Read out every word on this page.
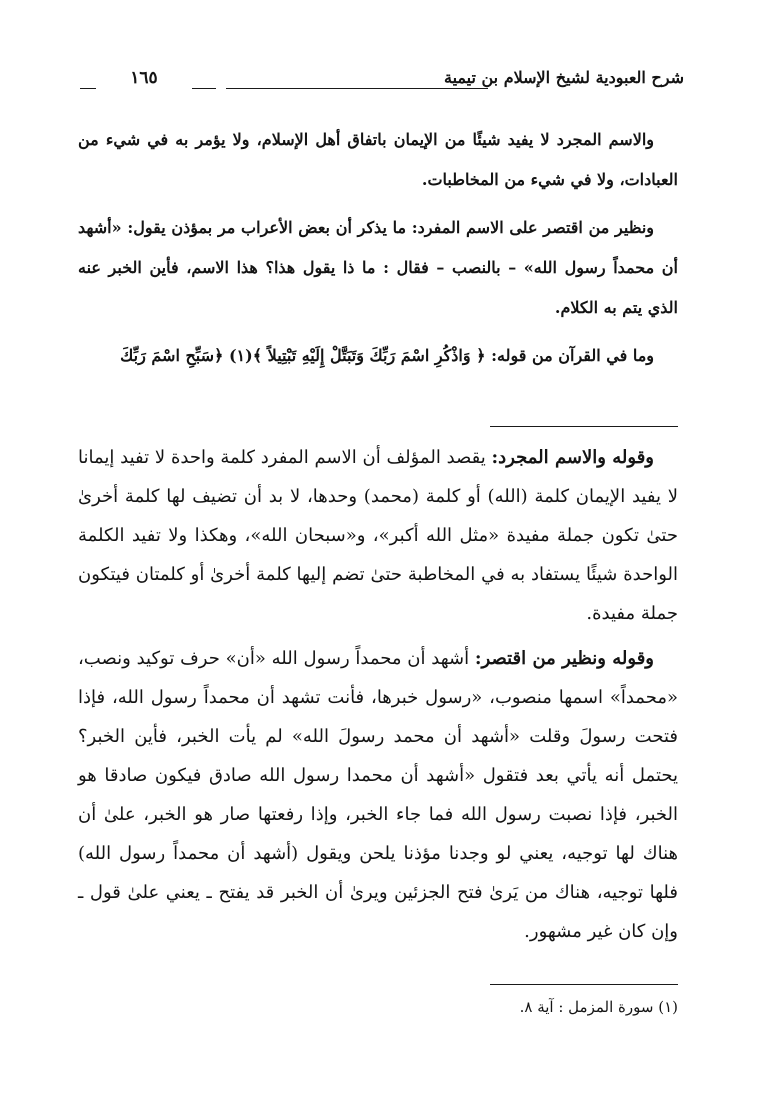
شرح العبودية لشيخ الإسلام بن تيمية
١٦٥

والاسم المجرد لا يفيد شيئًا من الإيمان باتفاق أهل الإسلام، ولا يؤمر به في شيء من العبادات، ولا في شيء من المخاطبات.

ونظير من اقتصر على الاسم المفرد: ما يذكر أن بعض الأعراب مر بمؤذن يقول: «أشهد أن محمداً رسول الله» – بالنصب – فقال : ما ذا يقول هذا؟ هذا الاسم، فأين الخبر عنه الذي يتم به الكلام.

وما في القرآن من قوله: ﴿ وَاذْكُرِ اسْمَ رَبِّكَ وَتَبَتَّلْ إِلَيْهِ تَبْتِيلاً ﴾(١) ﴿سَبِّحِ اسْمَ رَبِّكَ

وقوله والاسم المجرد: يقصد المؤلف أن الاسم المفرد كلمة واحدة لا تفيد إيمانا لا يفيد الإيمان كلمة (الله) أو كلمة (محمد) وحدها، لا بد أن تضيف لها كلمة أخرىٰ حتىٰ تكون جملة مفيدة «مثل الله أكبر»، و«سبحان الله»، وهكذا ولا تفيد الكلمة الواحدة شيئًا يستفاد به في المخاطبة حتىٰ تضم إليها كلمة أخرىٰ أو كلمتان فيتكون جملة مفيدة.

وقوله ونظير من اقتصر: أشهد أن محمداً رسول الله «أن» حرف توكيد ونصب، «محمداً» اسمها منصوب، «رسول خبرها، فأنت تشهد أن محمداً رسول الله، فإذا فتحت رسولَ وقلت «أشهد أن محمد رسولَ الله» لم يأت الخبر، فأين الخبر؟ يحتمل أنه يأتي بعد فتقول «أشهد أن محمدا رسول الله صادق فيكون صادقا هو الخبر، فإذا نصبت رسول الله فما جاء الخبر، وإذا رفعتها صار هو الخبر، علىٰ أن هناك لها توجيه، يعني لو وجدنا مؤذنا يلحن ويقول (أشهد أن محمداً رسول الله) فلها توجيه، هناك من يَرىٰ فتح الجزئين ويرىٰ أن الخبر قد يفتح ـ يعني علىٰ قول ـ وإن كان غير مشهور.

(١) سورة المزمل : آية ٨.
